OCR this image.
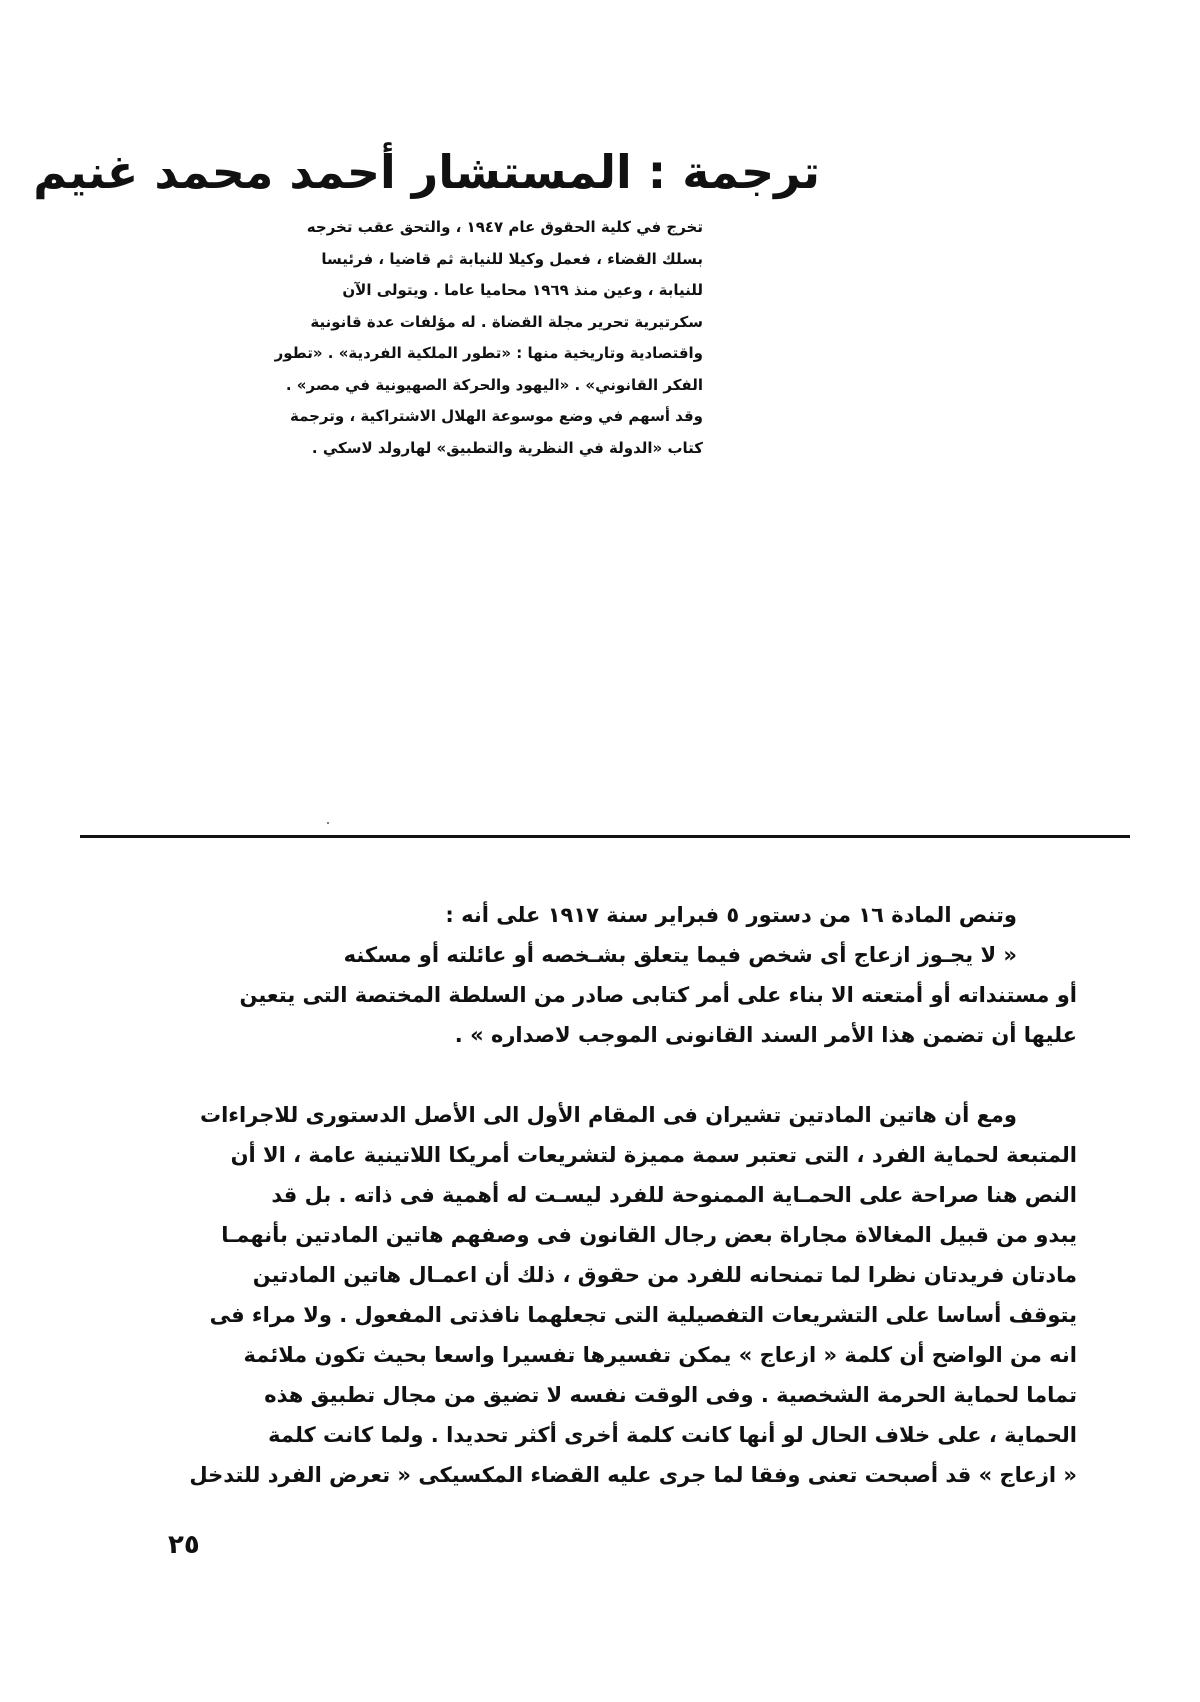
ترجمة : المستشار أحمد محمد غنيم
تخرج في كلية الحقوق عام ١٩٤٧ ، والتحق عقب تخرجه
بسلك القضاء ، فعمل وكيلا للنيابة ثم قاضيا ، فرئيسا
للنيابة ، وعين منذ ١٩٦٩ محاميا عاما . ويتولى الآن
سكرتيرية تحرير مجلة القضاة . له مؤلفات عدة قانونية
واقتصادية وتاريخية منها : «تطور الملكية الفردية» . «تطور
الفكر القانوني» . «اليهود والحركة الصهيونية في مصر» .
وقد أسهم في وضع موسوعة الهلال الاشتراكية ، وترجمة
كتاب «الدولة في النظرية والتطبيق» لهارولد لاسكي .
وتنص المادة ١٦ من دستور ٥ فبراير سنة ١٩١٧ على أنه :
« لا يجـوز ازعاج أى شخص فيما يتعلق بشـخصه أو عائلته أو مسكنه
أو مستنداته أو أمتعته الا بناء على أمر كتابى صادر من السلطة المختصة التى يتعين
عليها أن تضمن هذا الأمر السند القانونى الموجب لاصداره » .
ومع أن هاتين المادتين تشيران فى المقام الأول الى الأصل الدستورى للاجراءات
المتبعة لحماية الفرد ، التى تعتبر سمة مميزة لتشريعات أمريكا اللاتينية عامة ، الا أن
النص هنا صراحة على الحمـاية الممنوحة للفرد ليسـت له أهمية فى ذاته . بل قد
يبدو من قبيل المغالاة مجاراة بعض رجال القانون فى وصفهم هاتين المادتين بأنهمـا
مادتان فريدتان نظرا لما تمنحانه للفرد من حقوق ، ذلك أن اعمـال هاتين المادتين
يتوقف أساسا على التشريعات التفصيلية التى تجعلهما نافذتى المفعول . ولا مراء فى
انه من الواضح أن كلمة « ازعاج » يمكن تفسيرها تفسيرا واسعا بحيث تكون ملائمة
تماما لحماية الحرمة الشخصية . وفى الوقت نفسه لا تضيق من مجال تطبيق هذه
الحماية ، على خلاف الحال لو أنها كانت كلمة أخرى أكثر تحديدا . ولما كانت كلمة
« ازعاج » قد أصبحت تعنى وفقا لما جرى عليه القضاء المكسيكى « تعرض الفرد للتدخل
٢٥
